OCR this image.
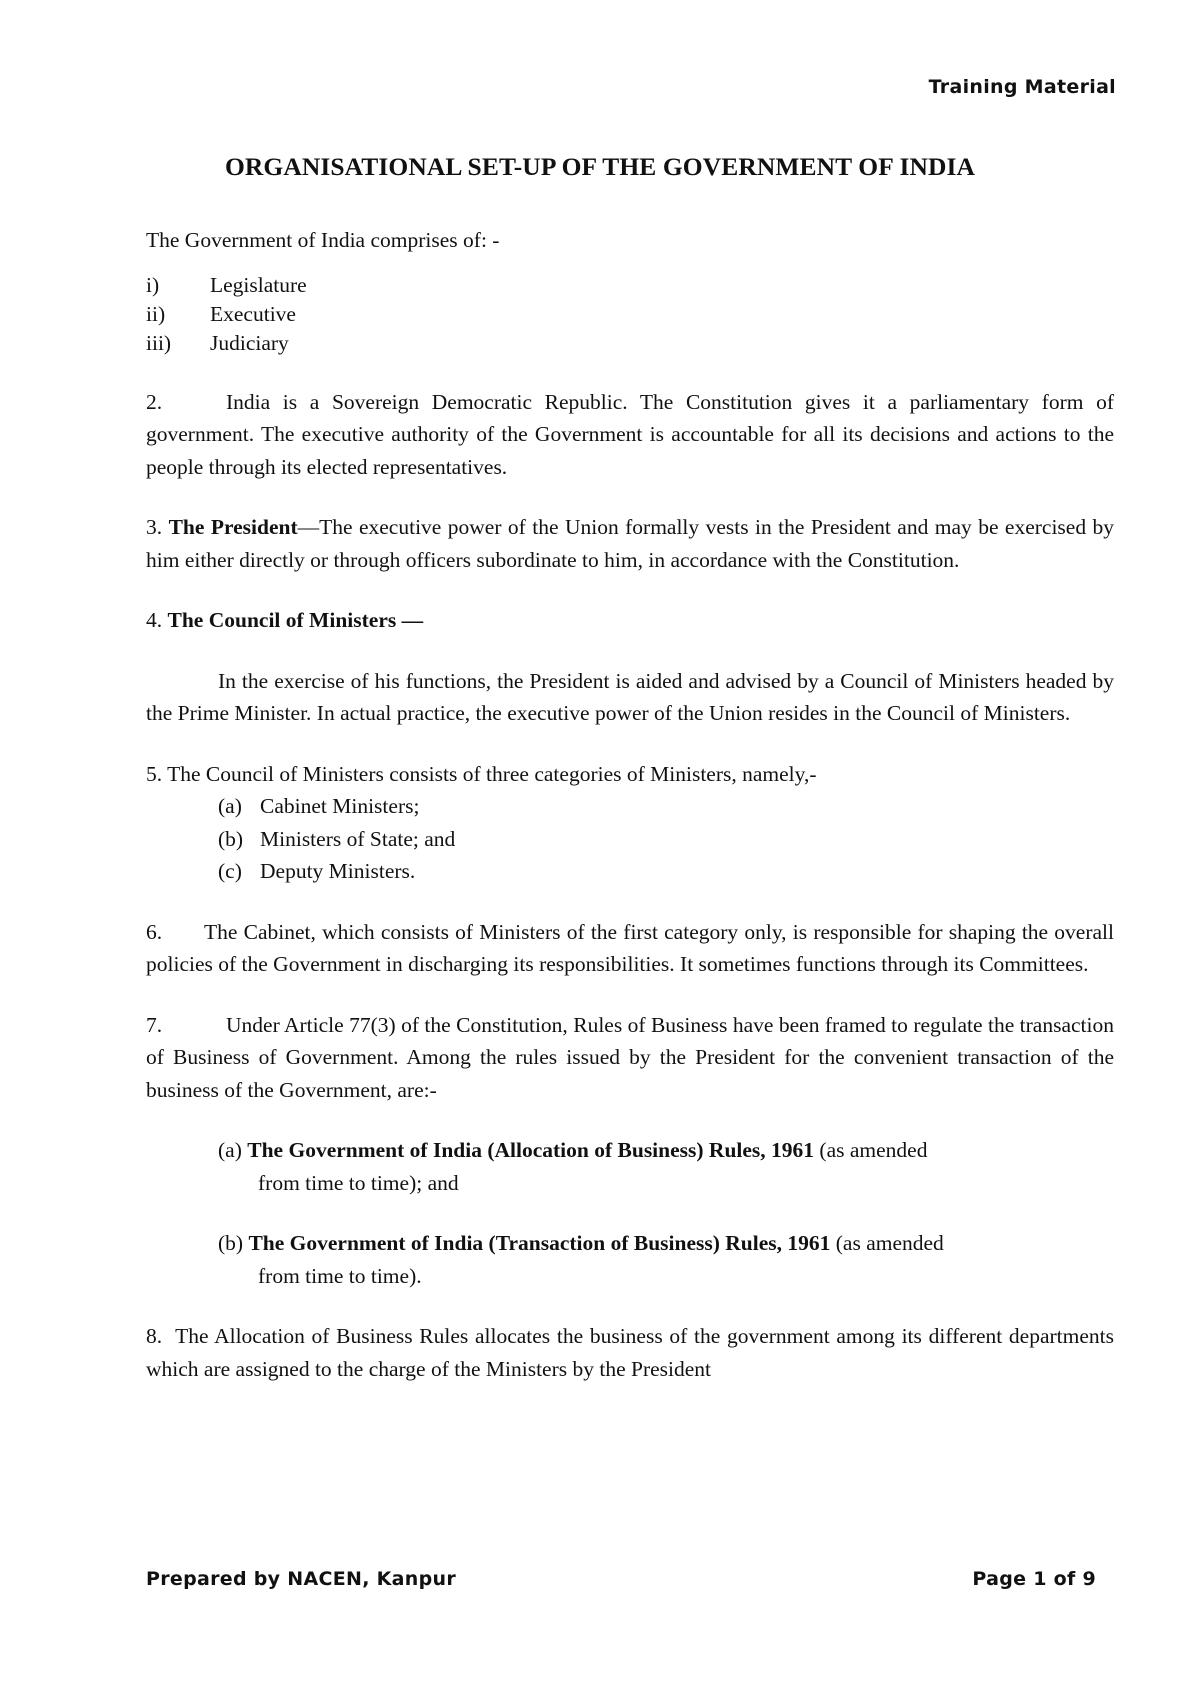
Training Material
ORGANISATIONAL SET-UP OF THE GOVERNMENT OF INDIA

The Government of India comprises of: -

i)	Legislature
ii)	Executive
iii)	Judiciary

2.	India is a Sovereign Democratic Republic. The Constitution gives it a parliamentary form of government. The executive authority of the Government is accountable for all its decisions and actions to the people through its elected representatives.

3. The President—The executive power of the Union formally vests in the President and may be exercised by him either directly or through officers subordinate to him, in accordance with the Constitution.

4. The Council of Ministers —

In the exercise of his functions, the President is aided and advised by a Council of Ministers headed by the Prime Minister. In actual practice, the executive power of the Union resides in the Council of Ministers.

5. The Council of Ministers consists of three categories of Ministers, namely,-

(a) Cabinet Ministers;
(b) Ministers of State; and
(c) Deputy Ministers.

6. The Cabinet, which consists of Ministers of the first category only, is responsible for shaping the overall policies of the Government in discharging its responsibilities. It sometimes functions through its Committees.

7.	Under Article 77(3) of the Constitution, Rules of Business have been framed to regulate the transaction of Business of Government. Among the rules issued by the President for the convenient transaction of the business of the Government, are:-

(a) The Government of India (Allocation of Business) Rules, 1961 (as amended
from time to time); and
(b) The Government of India (Transaction of Business) Rules, 1961 (as amended
from time to time).

8. The Allocation of Business Rules allocates the business of the government among its different departments which are assigned to the charge of the Ministers by the President

Prepared by NACEN, Kanpur	Page 1 of 9
